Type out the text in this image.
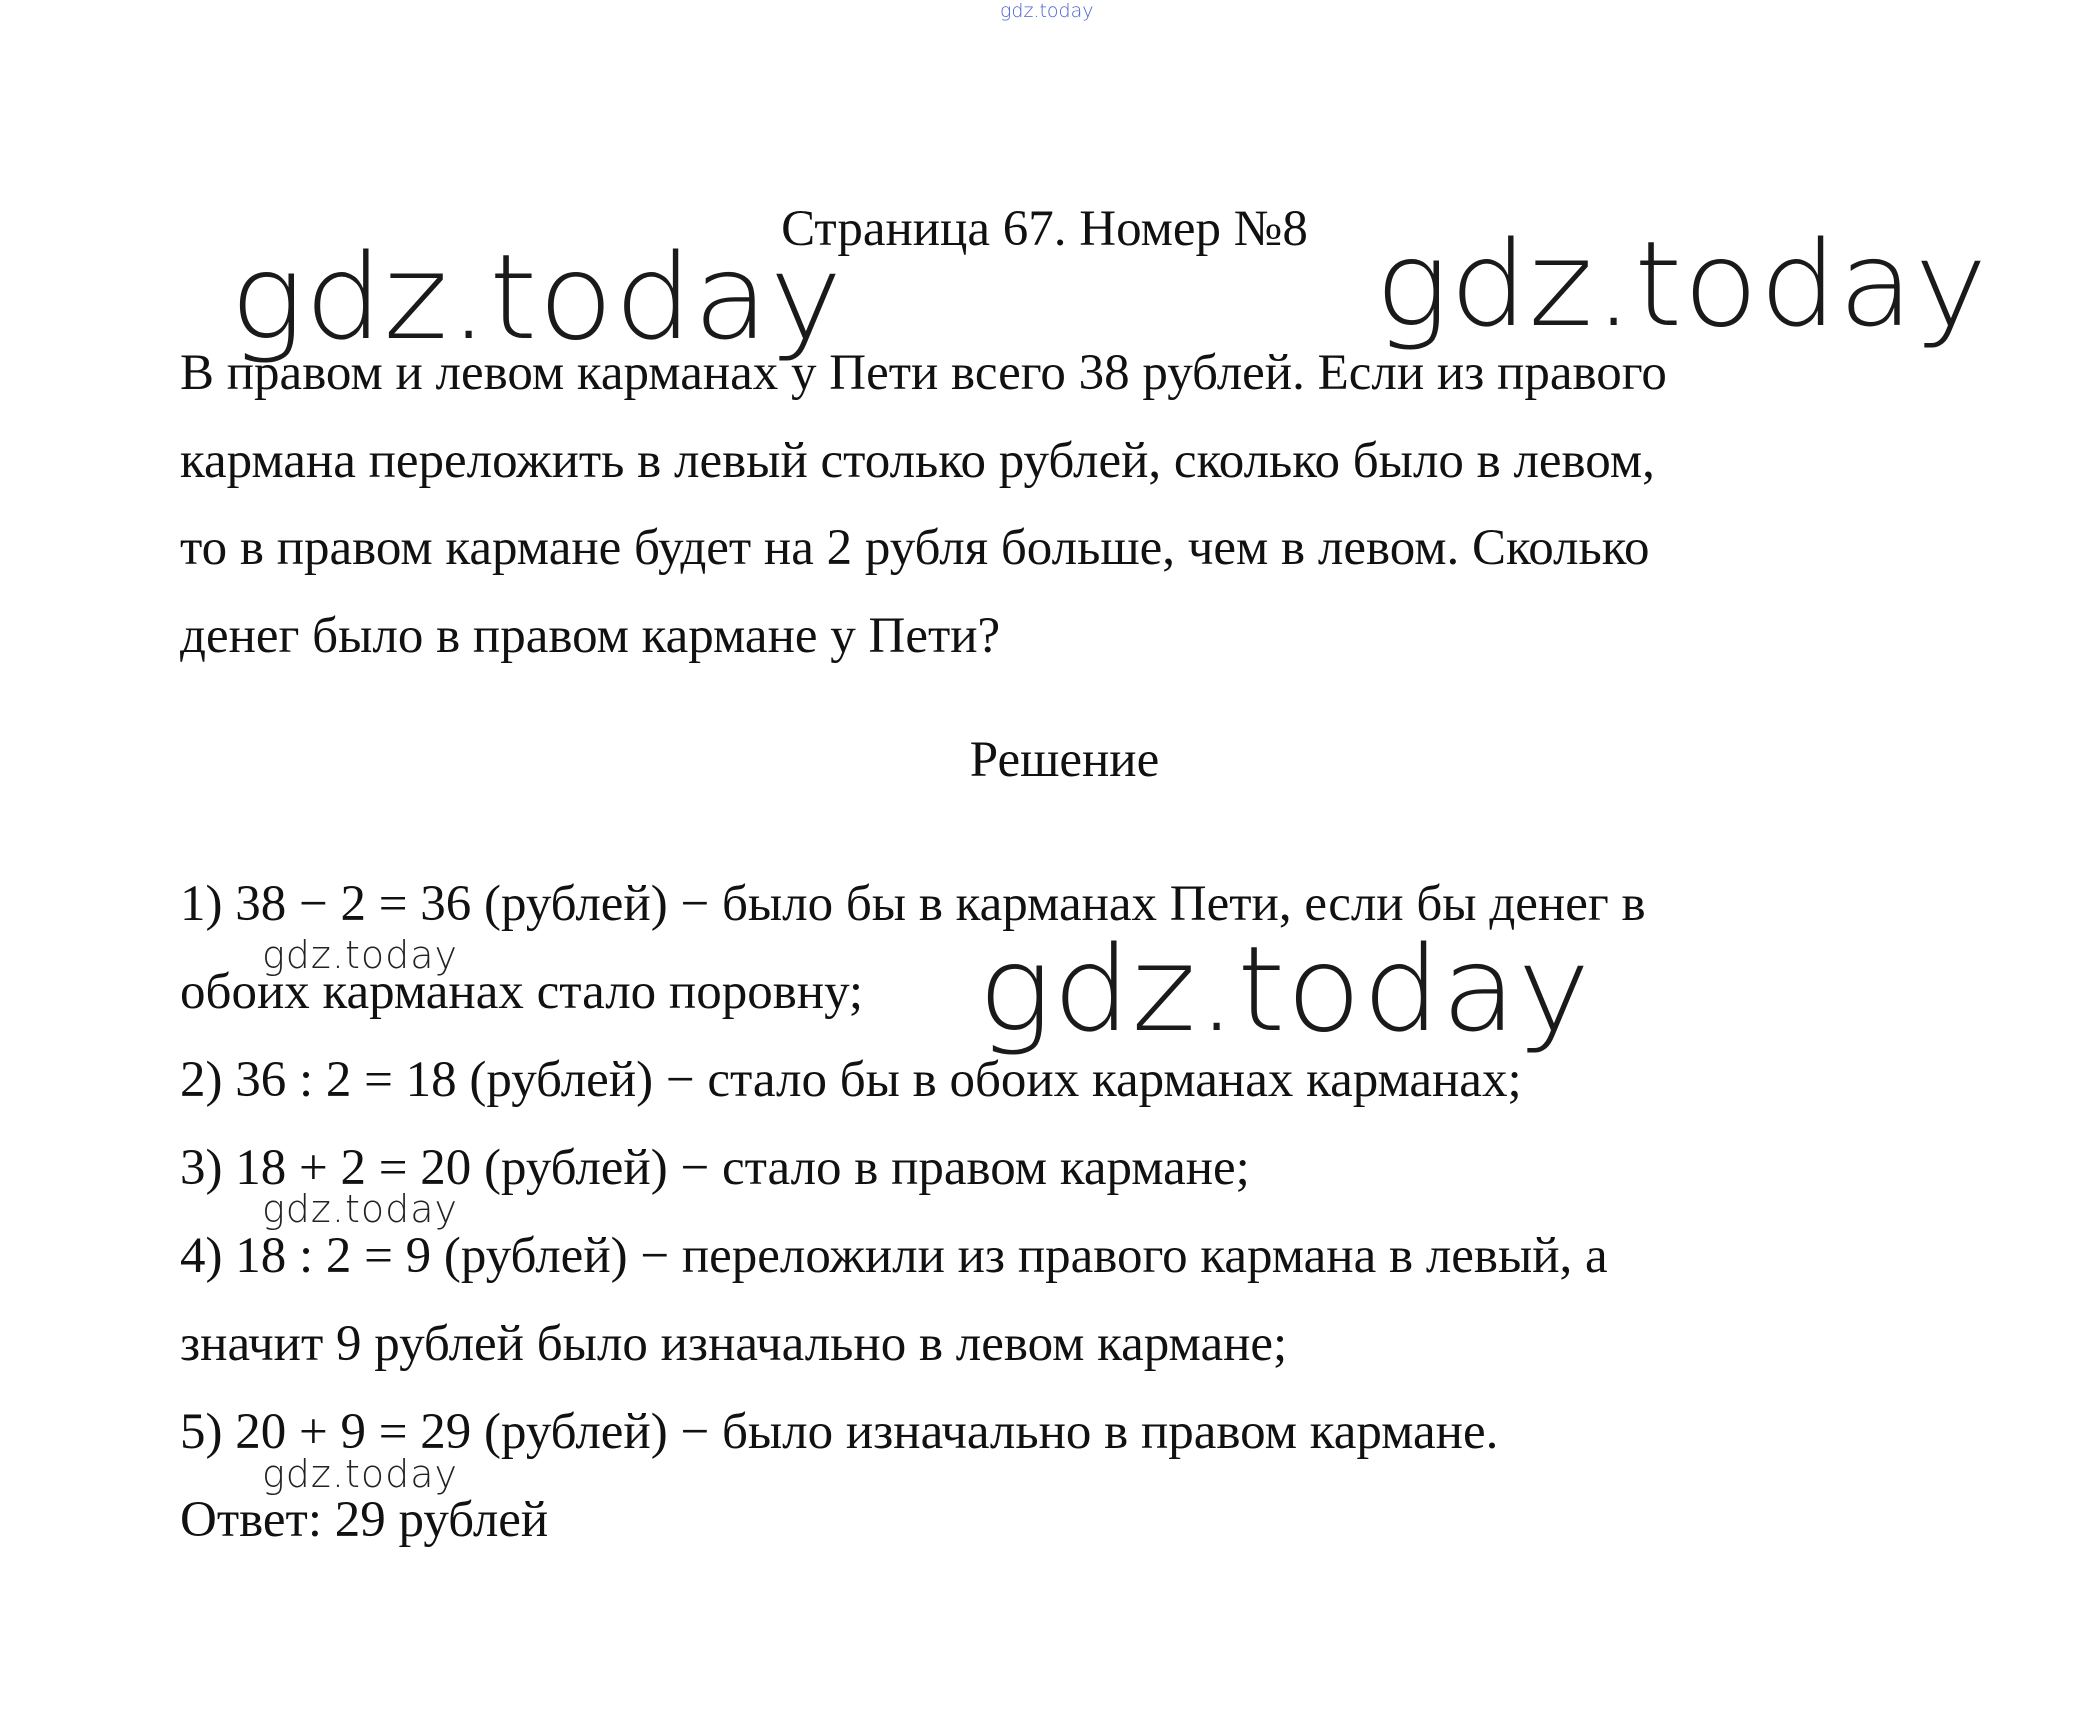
gdz.today
Страница 67. Номер №8
gdz.today	gdz.today
В правом и левом карманах у Пети всего 38 рублей. Если из правого
кармана переложить в левый столько рублей, сколько было в левом,
то в правом кармане будет на 2 рубля больше, чем в левом. Сколько
денег было в правом кармане у Пети?
Решение
1) 38 − 2 = 36 (рублей) − было бы в карманах Пети, если бы денег в
обоих карманах стало поровну;
2) 36 : 2 = 18 (рублей) − стало бы в обоих карманах карманах;
3) 18 + 2 = 20 (рублей) − стало в правом кармане;
4) 18 : 2 = 9 (рублей) − переложили из правого кармана в левый, а
значит 9 рублей было изначально в левом кармане;
5) 20 + 9 = 29 (рублей) − было изначально в правом кармане.
Ответ: 29 рублей
gdz.today	gdz.today
gdz.today
gdz.today
